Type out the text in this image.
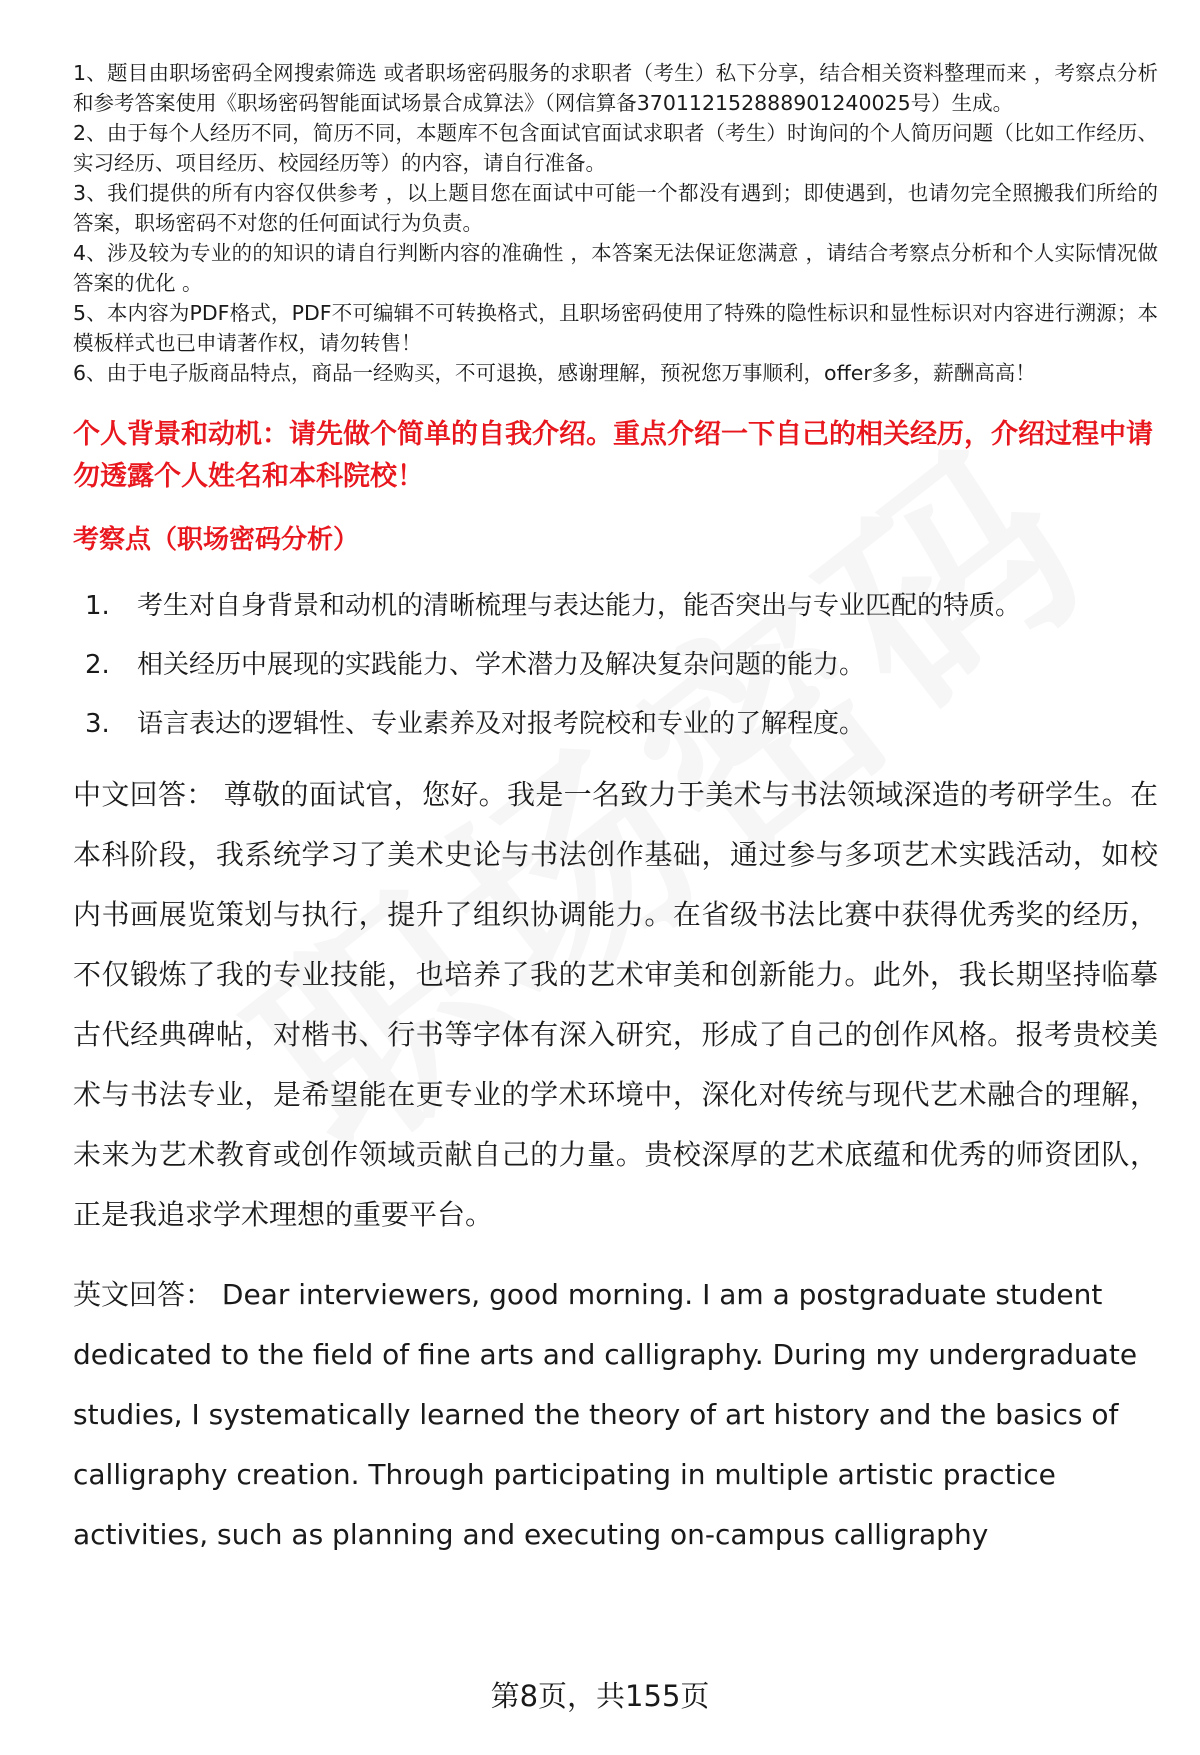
1、题目由职场密码全网搜索筛选 或者职场密码服务的求职者（考生）私下分享，结合相关资料整理而来 ，考察点分析和参考答案使用《职场密码智能面试场景合成算法》（网信算备370112152888901240025号）生成。
2、由于每个人经历不同，简历不同，本题库不包含面试官面试求职者（考生）时询问的个人简历问题（比如工作经历、实习经历、项目经历、校园经历等）的内容，请自行准备。
3、我们提供的所有内容仅供参考 ，以上题目您在面试中可能一个都没有遇到；即使遇到，也请勿完全照搬我们所给的答案，职场密码不对您的任何面试行为负责。
4、涉及较为专业的的知识的请自行判断内容的准确性 ，本答案无法保证您满意 ，请结合考察点分析和个人实际情况做答案的优化 。
5、本内容为PDF格式，PDF不可编辑不可转换格式，且职场密码使用了特殊的隐性标识和显性标识对内容进行溯源；本模板样式也已申请著作权，请勿转售！
6、由于电子版商品特点，商品一经购买，不可退换，感谢理解，预祝您万事顺利，offer多多，薪酬高高！
个人背景和动机：请先做个简单的自我介绍。重点介绍一下自己的相关经历，介绍过程中请勿透露个人姓名和本科院校！
考察点（职场密码分析）
1.	考生对自身背景和动机的清晰梳理与表达能力，能否突出与专业匹配的特质。
2.	相关经历中展现的实践能力、学术潜力及解决复杂问题的能力。
3.	语言表达的逻辑性、专业素养及对报考院校和专业的了解程度。

中文回答： 尊敬的面试官，您好。我是一名致力于美术与书法领域深造的考研学生。在本科阶段，我系统学习了美术史论与书法创作基础，通过参与多项艺术实践活动，如校内书画展览策划与执行，提升了组织协调能力。在省级书法比赛中获得优秀奖的经历，不仅锻炼了我的专业技能，也培养了我的艺术审美和创新能力。此外，我长期坚持临摹古代经典碑帖，对楷书、行书等字体有深入研究，形成了自己的创作风格。报考贵校美术与书法专业，是希望能在更专业的学术环境中，深化对传统与现代艺术融合的理解，未来为艺术教育或创作领域贡献自己的力量。贵校深厚的艺术底蕴和优秀的师资团队，正是我追求学术理想的重要平台。

英文回答： Dear interviewers, good morning. I am a postgraduate student dedicated to the field of fine arts and calligraphy. During my undergraduate studies, I systematically learned the theory of art history and the basics of calligraphy creation. Through participating in multiple artistic practice activities, such as planning and executing on-campus calligraphy

第8页，共155页
